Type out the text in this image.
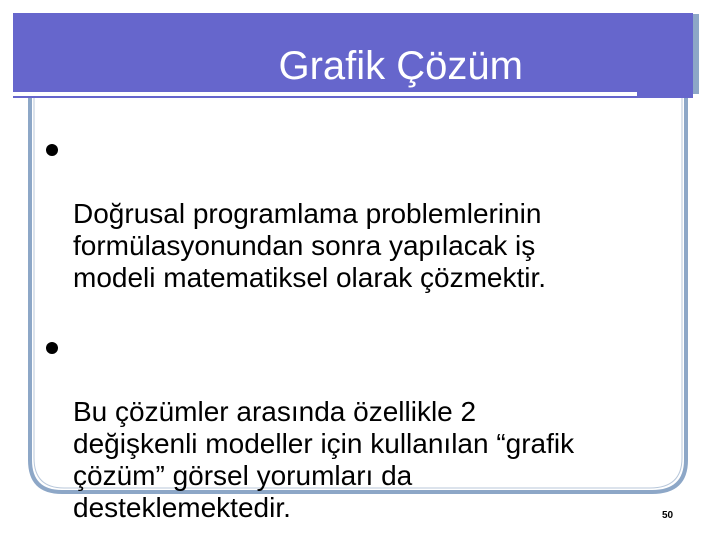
Grafik Çözüm

Doğrusal programlama problemlerinin
formülasyonundan sonra yapılacak iş
modeli matematiksel olarak çözmektir.

Bu çözümler arasında özellikle 2
değişkenli modeller için kullanılan “grafik
çözüm” görsel yorumları da
desteklemektedir.	50
